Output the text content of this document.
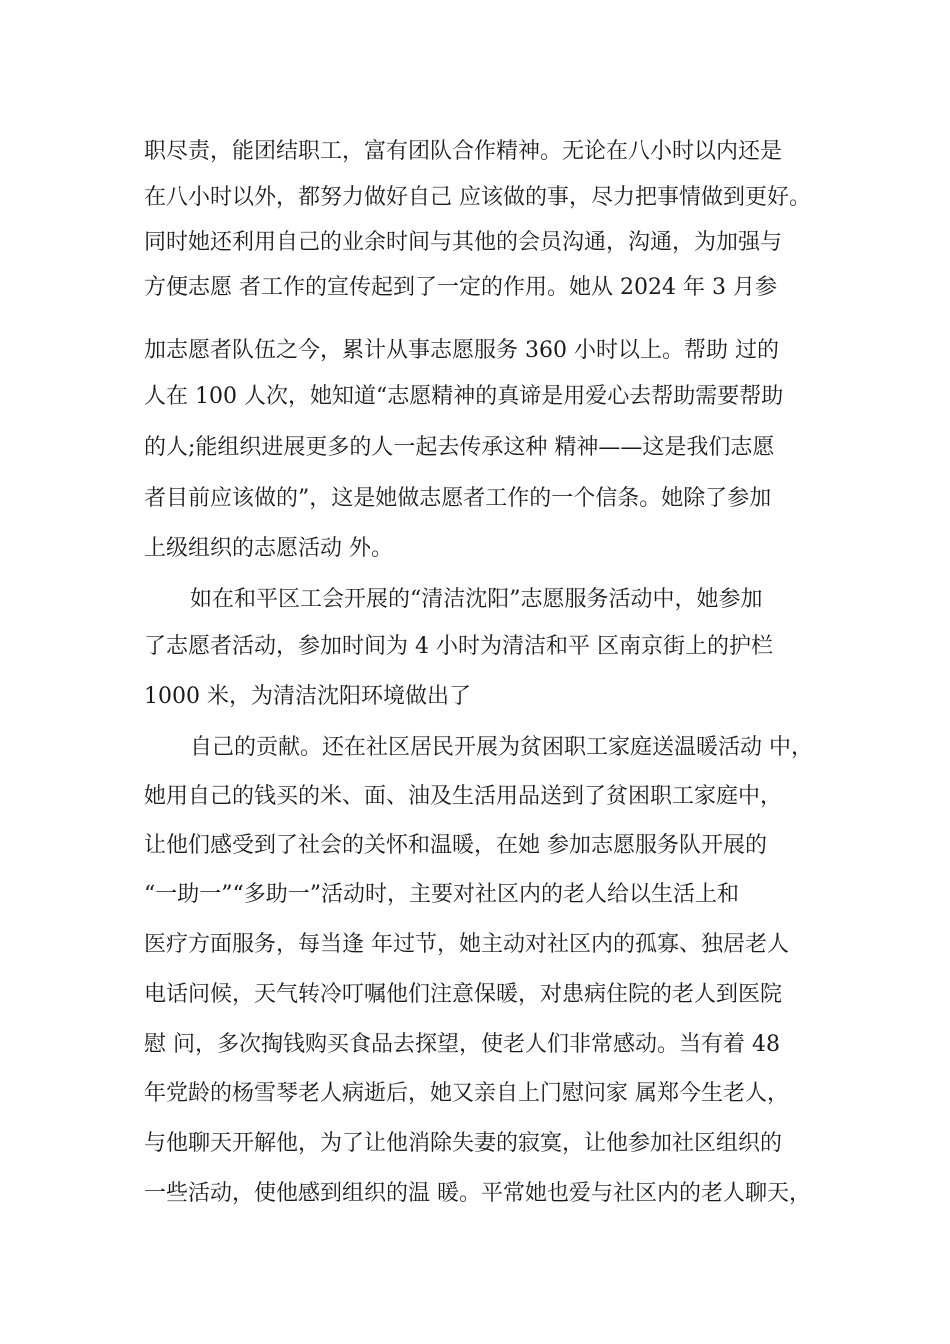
职尽责，能团结职工，富有团队合作精神。无论在八小时以内还是
在八小时以外，都努力做好自己 应该做的事，尽力把事情做到更好。
同时她还利用自己的业余时间与其他的会员沟通，沟通，为加强与
方便志愿 者工作的宣传起到了一定的作用。她从 2024 年 3 月参
加志愿者队伍之今，累计从事志愿服务 360 小时以上。帮助 过的
人在 100 人次，她知道“志愿精神的真谛是用爱心去帮助需要帮助
的人;能组织进展更多的人一起去传承这种 精神——这是我们志愿
者目前应该做的”，这是她做志愿者工作的一个信条。她除了参加
上级组织的志愿活动 外。
如在和平区工会开展的“清洁沈阳”志愿服务活动中，她参加
了志愿者活动，参加时间为 4 小时为清洁和平 区南京街上的护栏
1000 米，为清洁沈阳环境做出了
自己的贡献。还在社区居民开展为贫困职工家庭送温暖活动 中，
她用自己的钱买的米、面、油及生活用品送到了贫困职工家庭中，
让他们感受到了社会的关怀和温暖，在她 参加志愿服务队开展的
“一助一”“多助一”活动时，主要对社区内的老人给以生活上和
医疗方面服务，每当逢 年过节，她主动对社区内的孤寡、独居老人
电话问候，天气转冷叮嘱他们注意保暖，对患病住院的老人到医院
慰 问，多次掏钱购买食品去探望，使老人们非常感动。当有着 48
年党龄的杨雪琴老人病逝后，她又亲自上门慰问家 属郑今生老人，
与他聊天开解他，为了让他消除失妻的寂寞，让他参加社区组织的
一些活动，使他感到组织的温 暖。平常她也爱与社区内的老人聊天，
